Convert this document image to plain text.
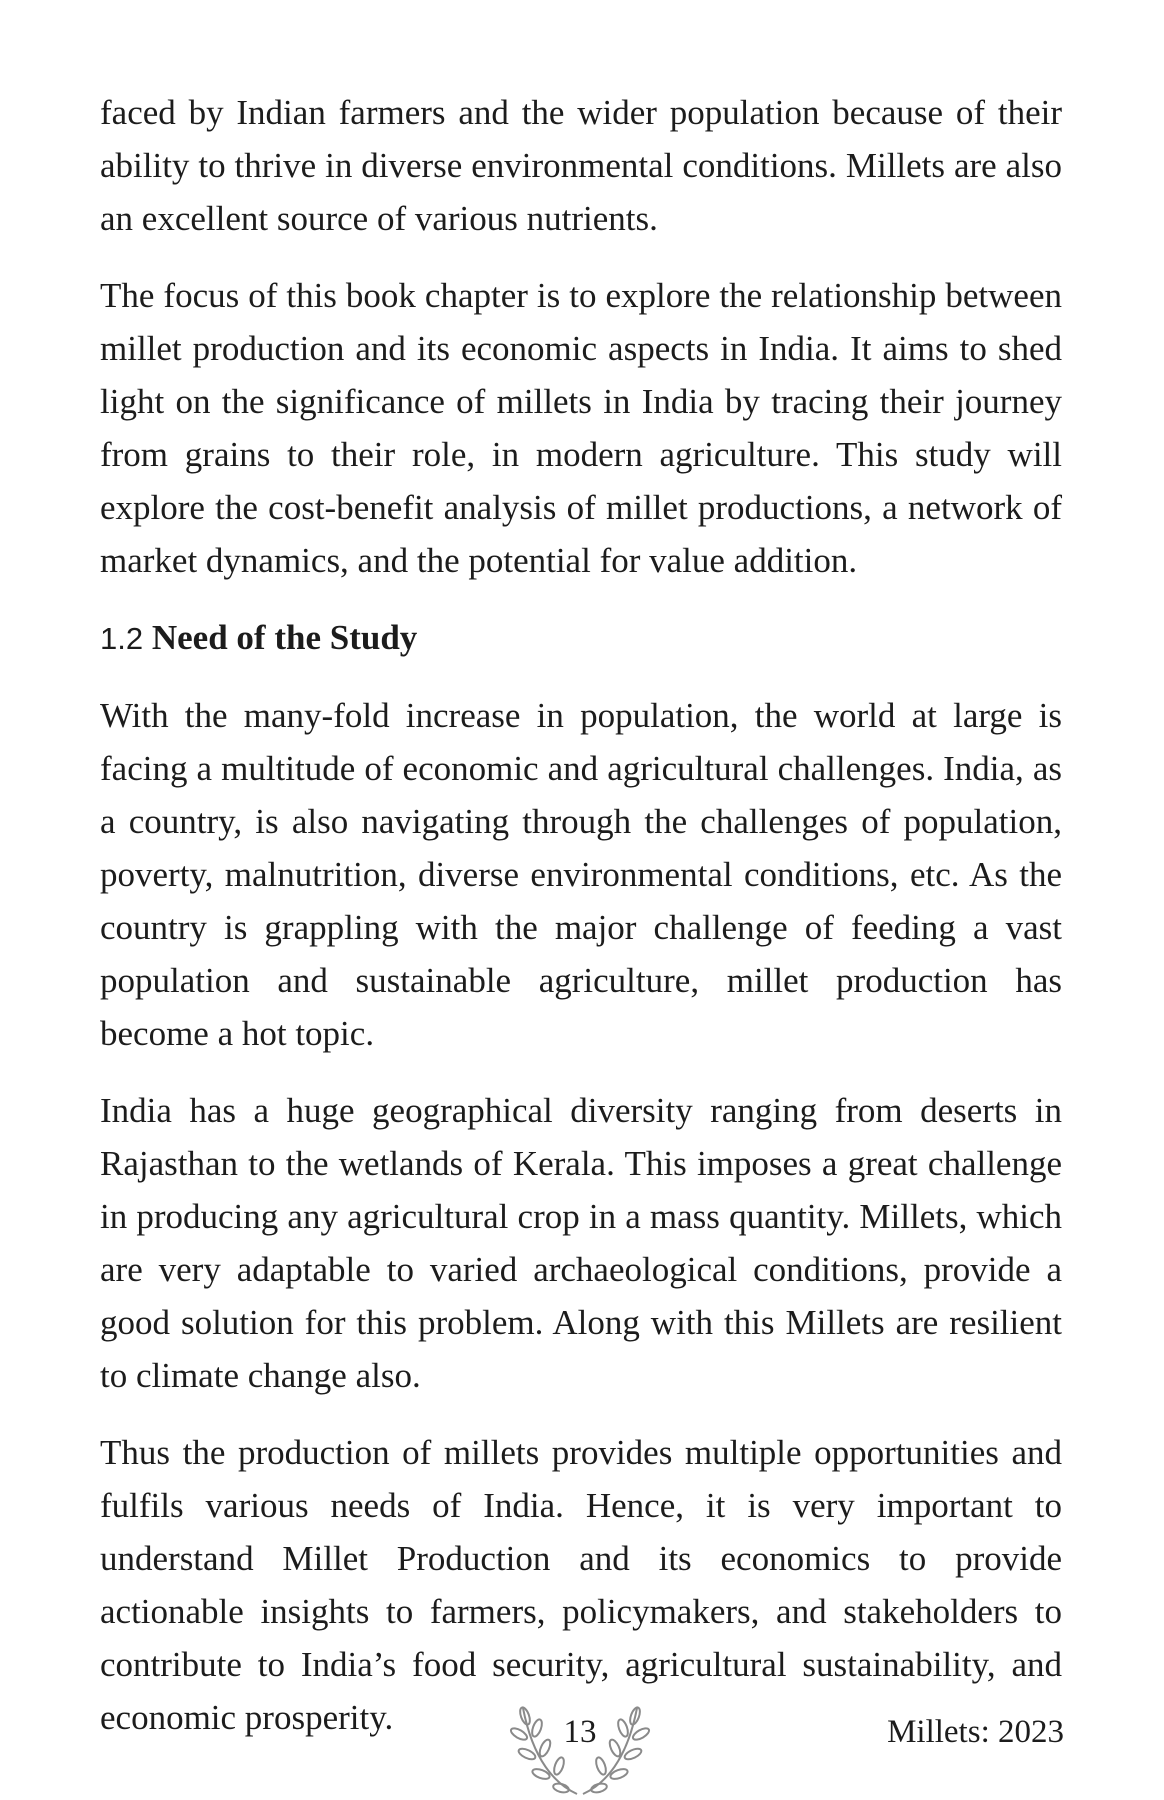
faced by Indian farmers and the wider population because of their ability to thrive in diverse environmental conditions. Millets are also an excellent source of various nutrients.

The focus of this book chapter is to explore the relationship between millet production and its economic aspects in India. It aims to shed light on the significance of millets in India by tracing their journey from grains to their role, in modern agriculture. This study will explore the cost-benefit analysis of millet productions, a network of market dynamics, and the potential for value addition.

1.2 Need of the Study

With the many-fold increase in population, the world at large is facing a multitude of economic and agricultural challenges. India, as a country, is also navigating through the challenges of population, poverty, malnutrition, diverse environmental conditions, etc. As the country is grappling with the major challenge of feeding a vast population and sustainable agriculture, millet production has become a hot topic.

India has a huge geographical diversity ranging from deserts in Rajasthan to the wetlands of Kerala. This imposes a great challenge in producing any agricultural crop in a mass quantity. Millets, which are very adaptable to varied archaeological conditions, provide a good solution for this problem. Along with this Millets are resilient to climate change also.

Thus the production of millets provides multiple opportunities and fulfils various needs of India. Hence, it is very important to understand Millet Production and its economics to provide actionable insights to farmers, policymakers, and stakeholders to contribute to India’s food security, agricultural sustainability, and economic prosperity.	13	Millets: 2023
